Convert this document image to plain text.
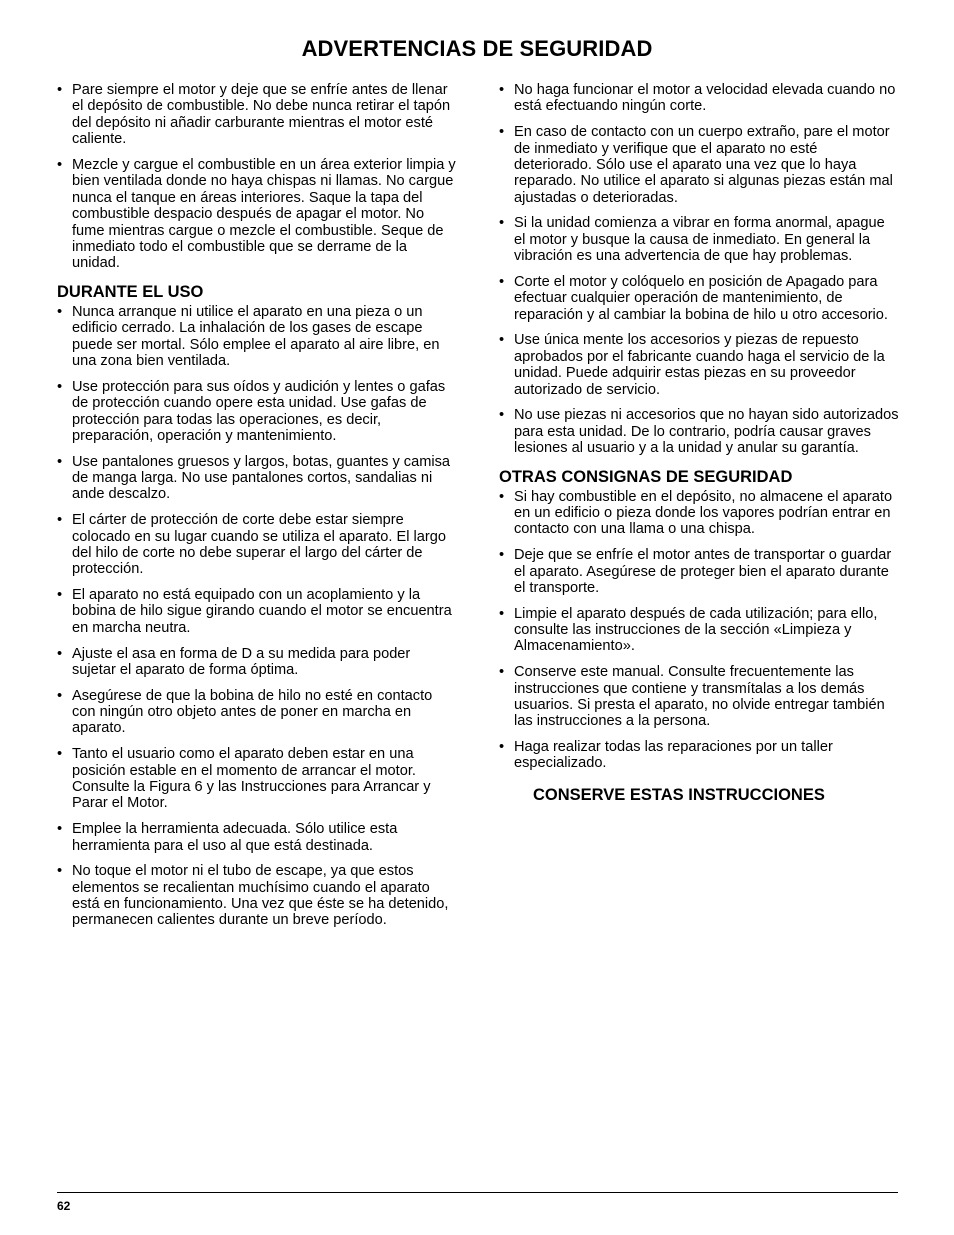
ADVERTENCIAS DE SEGURIDAD
• Pare siempre el motor y deje que se enfríe antes de llenar el depósito de combustible. No debe nunca retirar el tapón del depósito ni añadir carburante mientras el motor esté caliente.
• Mezcle y cargue el combustible en un área exterior limpia y bien ventilada donde no haya chispas ni llamas. No cargue nunca el tanque en áreas interiores. Saque la tapa del combustible despacio después de apagar el motor. No fume mientras cargue o mezcle el combustible. Seque de inmediato todo el combustible que se derrame de la unidad.
DURANTE EL USO
• Nunca arranque ni utilice el aparato en una pieza o un edificio cerrado. La inhalación de los gases de escape puede ser mortal. Sólo emplee el aparato al aire libre, en una zona bien ventilada.
• Use protección para sus oídos y audición y lentes o gafas de protección cuando opere esta unidad. Use gafas de protección para todas las operaciones, es decir, preparación, operación y mantenimiento.
• Use pantalones gruesos y largos, botas, guantes y camisa de manga larga. No use pantalones cortos, sandalias ni ande descalzo.
• El cárter de protección de corte debe estar siempre colocado en su lugar cuando se utiliza el aparato. El largo del hilo de corte no debe superar el largo del cárter de protección.
• El aparato no está equipado con un acoplamiento y la bobina de hilo sigue girando cuando el motor se encuentra en marcha neutra.
• Ajuste el asa en forma de D a su medida para poder sujetar el aparato de forma óptima.
• Asegúrese de que la bobina de hilo no esté en contacto con ningún otro objeto antes de poner en marcha en aparato.
• Tanto el usuario como el aparato deben estar en una posición estable en el momento de arrancar el motor. Consulte la Figura 6 y las Instrucciones para Arrancar y Parar el Motor.
• Emplee la herramienta adecuada. Sólo utilice esta herramienta para el uso al que está destinada.
• No toque el motor ni el tubo de escape, ya que estos elementos se recalientan muchísimo cuando el aparato está en funcionamiento. Una vez que éste se ha detenido, permanecen calientes durante un breve período.
• No haga funcionar el motor a velocidad elevada cuando no está efectuando ningún corte.
• En caso de contacto con un cuerpo extraño, pare el motor de inmediato y verifique que el aparato no esté deteriorado. Sólo use el aparato una vez que lo haya reparado. No utilice el aparato si algunas piezas están mal ajustadas o deterioradas.
• Si la unidad comienza a vibrar en forma anormal, apague el motor y busque la causa de inmediato. En general la vibración es una advertencia de que hay problemas.
• Corte el motor y colóquelo en posición de Apagado para efectuar cualquier operación de mantenimiento, de reparación y al cambiar la bobina de hilo u otro accesorio.
• Use única mente los accesorios y piezas de repuesto aprobados por el fabricante cuando haga el servicio de la unidad. Puede adquirir estas piezas en su proveedor autorizado de servicio.
• No use piezas ni accesorios que no hayan sido autorizados para esta unidad. De lo contrario, podría causar graves lesiones al usuario y a la unidad y anular su garantía.
OTRAS CONSIGNAS DE SEGURIDAD
• Si hay combustible en el depósito, no almacene el aparato en un edificio o pieza donde los vapores podrían entrar en contacto con una llama o una chispa.
• Deje que se enfríe el motor antes de transportar o guardar el aparato. Asegúrese de proteger bien el aparato durante el transporte.
• Limpie el aparato después de cada utilización; para ello, consulte las instrucciones de la sección «Limpieza y Almacenamiento».
• Conserve este manual. Consulte frecuentemente las instrucciones que contiene y transmítalas a los demás usuarios. Si presta el aparato, no olvide entregar también las instrucciones a la persona.
• Haga realizar todas las reparaciones por un taller especializado.
CONSERVE ESTAS INSTRUCCIONES
62
